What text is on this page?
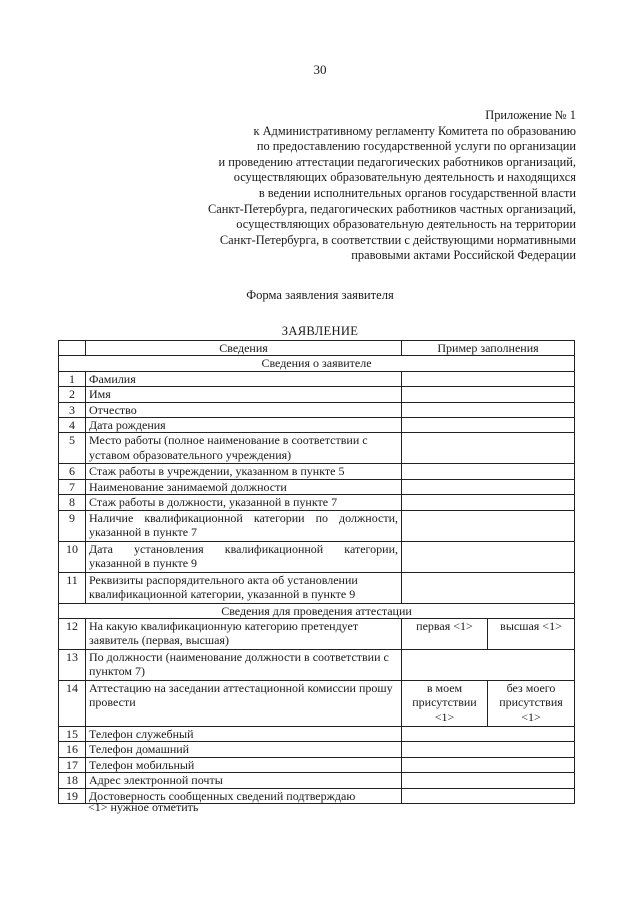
30
Приложение № 1
к Административному регламенту Комитета по образованию
по предоставлению государственной услуги по организации
и проведению аттестации педагогических работников организаций,
осуществляющих образовательную деятельность и находящихся
в ведении исполнительных органов государственной власти
Санкт-Петербурга, педагогических работников частных организаций,
осуществляющих образовательную деятельность на территории
Санкт-Петербурга, в соответствии с действующими нормативными
правовыми актами Российской Федерации
Форма заявления заявителя
ЗАЯВЛЕНИЕ
	Сведения	Пример заполнения	
Сведения о заявителе			
1	Фамилия		
2	Имя		
3	Отчество		
4	Дата рождения		
5	Место работы (полное наименование в соответствии с уставом образовательного учреждения)		
6	Стаж работы в учреждении, указанном в пункте 5		
7	Наименование занимаемой должности		
8	Стаж работы в должности, указанной в пункте 7		
9	Наличие квалификационной категории по должности, указанной в пункте 7		
10	Дата установления квалификационной категории, указанной в пункте 9		
11	Реквизиты распорядительного акта об установлении квалификационной категории, указанной в пункте 9		
Сведения для проведения аттестации			
12	На какую квалификационную категорию претендует заявитель (первая, высшая)	первая <1>	высшая <1>
13	По должности (наименование должности в соответствии с пунктом 7)		
14	Аттестацию на заседании аттестационной комиссии прошу провести	в моем присутствии <1>	без моего присутствия <1>
15	Телефон служебный		
16	Телефон домашний		
17	Телефон мобильный		
18	Адрес электронной почты		
19	Достоверность сообщенных сведений подтверждаю		
<1> нужное отметить
